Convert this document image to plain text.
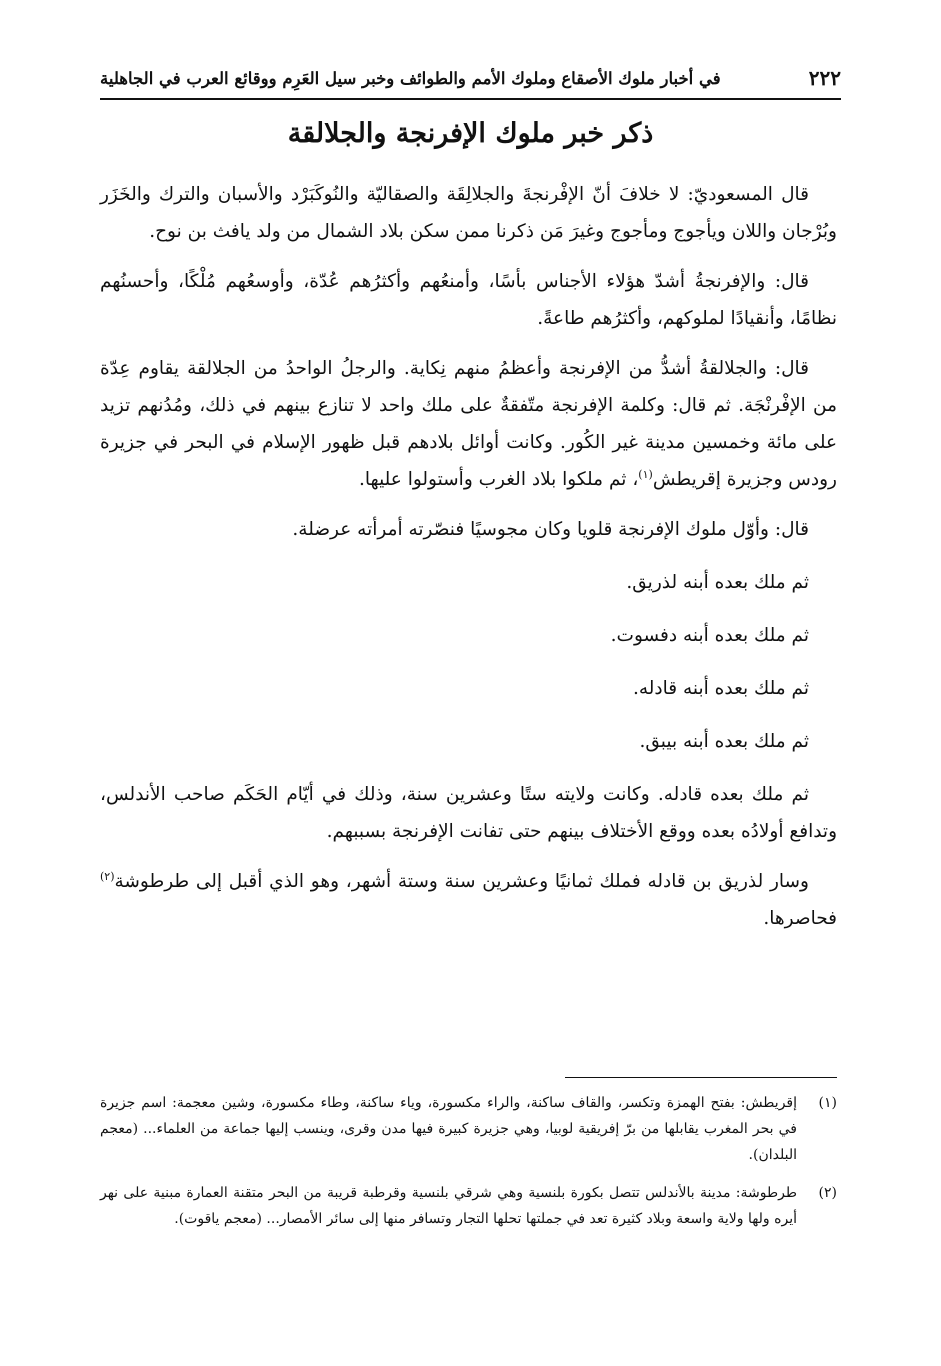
٢٢٢
في أخبار ملوك الأصقاع وملوك الأمم والطوائف وخبر سيل العَرِم ووقائع العرب في الجاهلية
ذكر خبر ملوك الإفرنجة والجلالقة

قال المسعوديّ: لا خلافَ أنّ الإفْرنجةَ والجلالِقَة والصقاليّة والنُوكَبَرْد والأسبان والترك والخَزَر وبُرْجان واللان ويأجوج ومأجوج وغيرَ مَن ذكرنا ممن سكن بلاد الشمال من ولد يافث بن نوح.

قال: والإفرنجةُ أشدّ هؤلاء الأجناس بأسًا، وأمنعُهم وأكثرُهم عُدّة، وأوسعُهم مُلْكًا، وأحسنُهم نظامًا، وأنقيادًا لملوكهم، وأكثرُهم طاعةً.

قال: والجلالقةُ أشدُّ من الإفرنجة وأعظمُ منهم نِكاية. والرجلُ الواحدُ من الجلالقة يقاوم عِدّة من الإفْرنْجَة. ثم قال: وكلمة الإفرنجة متّفقةٌ على ملك واحد لا تنازع بينهم في ذلك، ومُدُنهم تزيد على مائة وخمسين مدينة غير الكُور. وكانت أوائل بلادهم قبل ظهور الإسلام في البحر في جزيرة رودس وجزيرة إقريطش$^{(١)}$، ثم ملكوا بلاد الغرب وأستولوا عليها.

قال: وأوّل ملوك الإفرنجة قلويا وكان مجوسيًا فنصّرته أمرأته عرضلة.

ثم ملك بعده أبنه لذريق.

ثم ملك بعده أبنه دفسوت.

ثم ملك بعده أبنه قادله.

ثم ملك بعده أبنه بيبق.

ثم ملك بعده قادله. وكانت ولايته ستًا وعشرين سنة، وذلك في أيّام الحَكَم صاحب الأندلس، وتدافع أولادُه بعده ووقع الأختلاف بينهم حتى تفانت الإفرنجة بسببهم.

وسار لذريق بن قادله فملك ثمانيًا وعشرين سنة وستة أشهر، وهو الذي أقبل إلى طرطوشة$^{(٢)}$ فحاصرها.

(١)
إقريطش: بفتح الهمزة وتكسر، والقاف ساكنة، والراء مكسورة، وياء ساكنة، وطاء مكسورة، وشين معجمة: اسم جزيرة في بحر المغرب يقابلها من برّ إفريقية لوبيا، وهي جزيرة كبيرة فيها مدن وقرى، وينسب إليها جماعة من العلماء... (معجم البلدان).
(٢)
طرطوشة: مدينة بالأندلس تتصل بكورة بلنسية وهي شرقي بلنسية وقرطبة قريبة من البحر متقنة العمارة مبنية على نهر أيره ولها ولاية واسعة وبلاد كثيرة تعد في جملتها تحلها التجار وتسافر منها إلى سائر الأمصار... (معجم ياقوت).
